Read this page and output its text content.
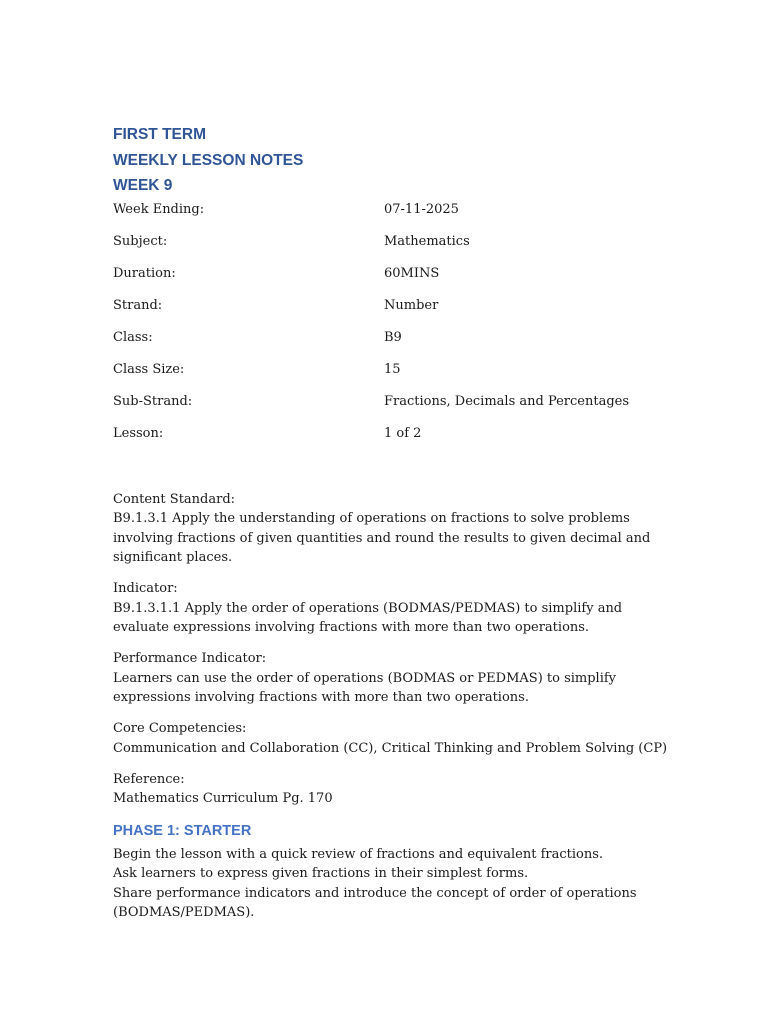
FIRST TERM
WEEKLY LESSON NOTES
WEEK 9
Week Ending:	07-11-2025
Subject:	Mathematics
Duration:	60MINS
Strand:	Number
Class:	B9
Class Size:	15
Sub-Strand:	Fractions, Decimals and Percentages
Lesson:	1 of 2
Content Standard:
B9.1.3.1 Apply the understanding of operations on fractions to solve problems involving fractions of given quantities and round the results to given decimal and significant places.
Indicator:
B9.1.3.1.1 Apply the order of operations (BODMAS/PEDMAS) to simplify and evaluate expressions involving fractions with more than two operations.
Performance Indicator:
Learners can use the order of operations (BODMAS or PEDMAS) to simplify expressions involving fractions with more than two operations.
Core Competencies:
Communication and Collaboration (CC), Critical Thinking and Problem Solving (CP)
Reference:
Mathematics Curriculum Pg. 170
PHASE 1: STARTER
Begin the lesson with a quick review of fractions and equivalent fractions.
Ask learners to express given fractions in their simplest forms.
Share performance indicators and introduce the concept of order of operations (BODMAS/PEDMAS).
